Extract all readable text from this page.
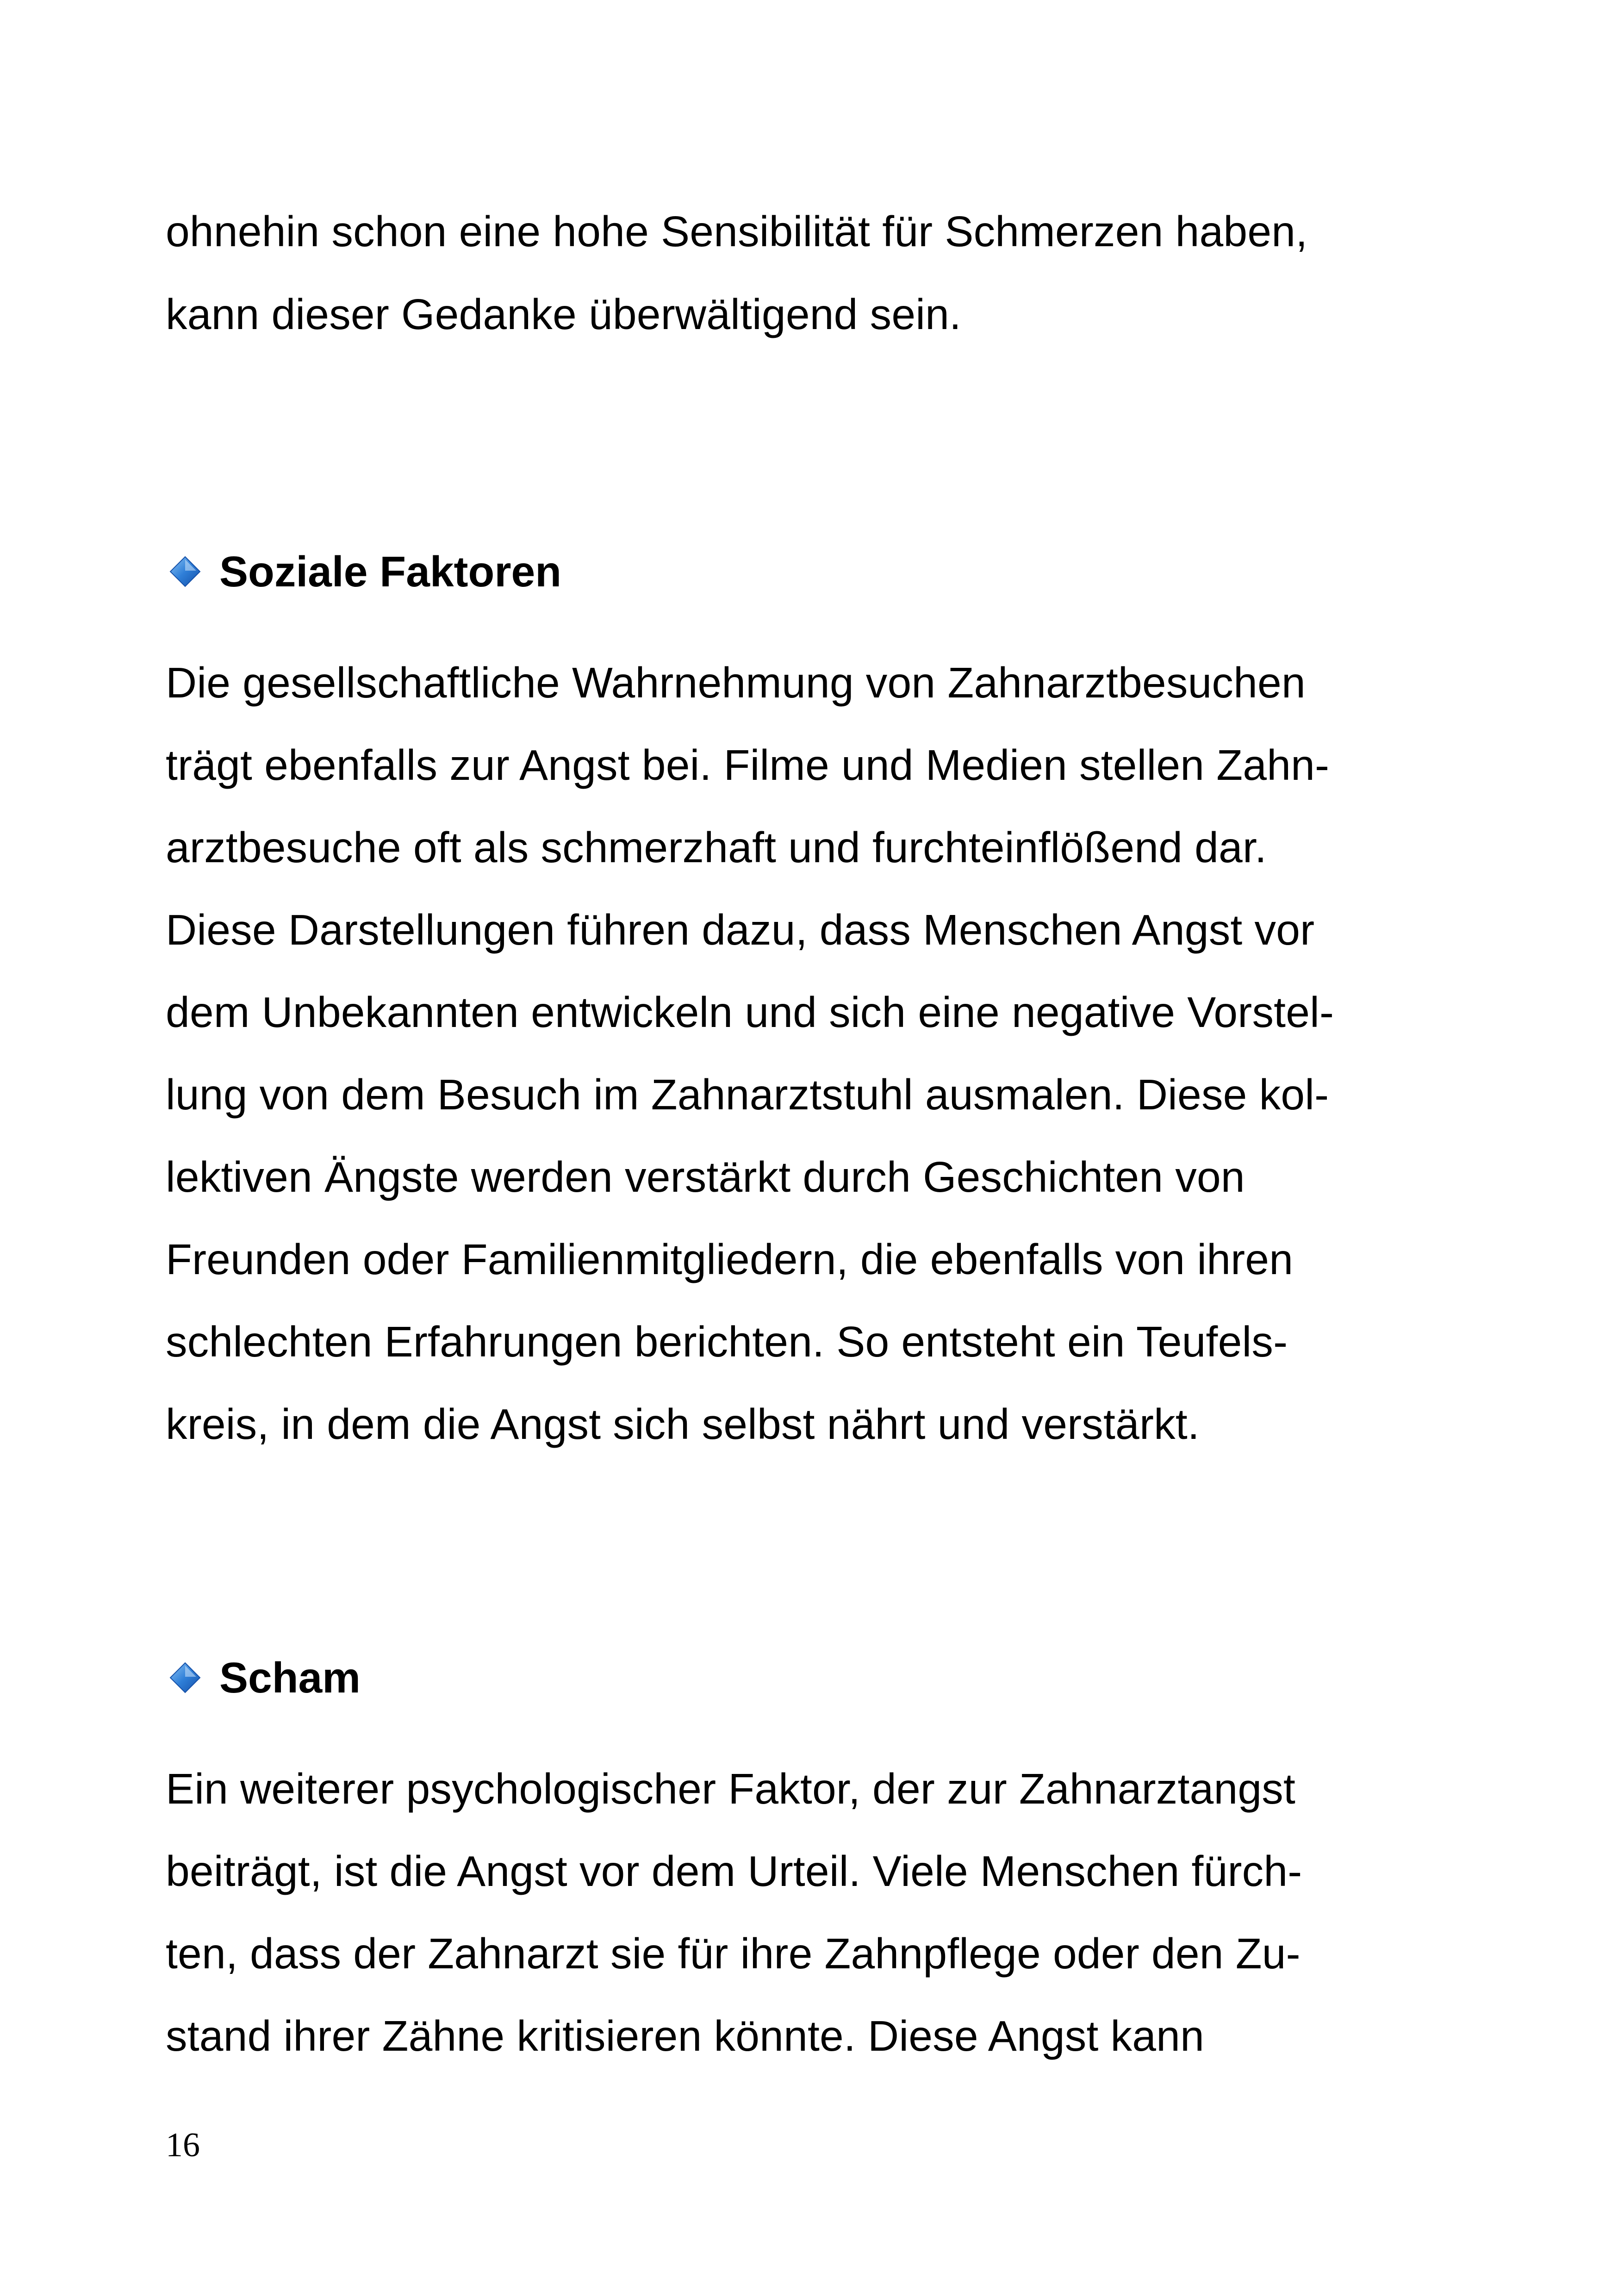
ohnehin schon eine hohe Sensibilität für Schmerzen haben,
kann dieser Gedanke überwältigend sein.
Soziale Faktoren
Die gesellschaftliche Wahrnehmung von Zahnarztbesuchen
trägt ebenfalls zur Angst bei. Filme und Medien stellen Zahn-
arztbesuche oft als schmerzhaft und furchteinflößend dar.
Diese Darstellungen führen dazu, dass Menschen Angst vor
dem Unbekannten entwickeln und sich eine negative Vorstel-
lung von dem Besuch im Zahnarztstuhl ausmalen. Diese kol-
lektiven Ängste werden verstärkt durch Geschichten von
Freunden oder Familienmitgliedern, die ebenfalls von ihren
schlechten Erfahrungen berichten. So entsteht ein Teufels-
kreis, in dem die Angst sich selbst nährt und verstärkt.
Scham
Ein weiterer psychologischer Faktor, der zur Zahnarztangst
beiträgt, ist die Angst vor dem Urteil. Viele Menschen fürch-
ten, dass der Zahnarzt sie für ihre Zahnpflege oder den Zu-
stand ihrer Zähne kritisieren könnte. Diese Angst kann
16
